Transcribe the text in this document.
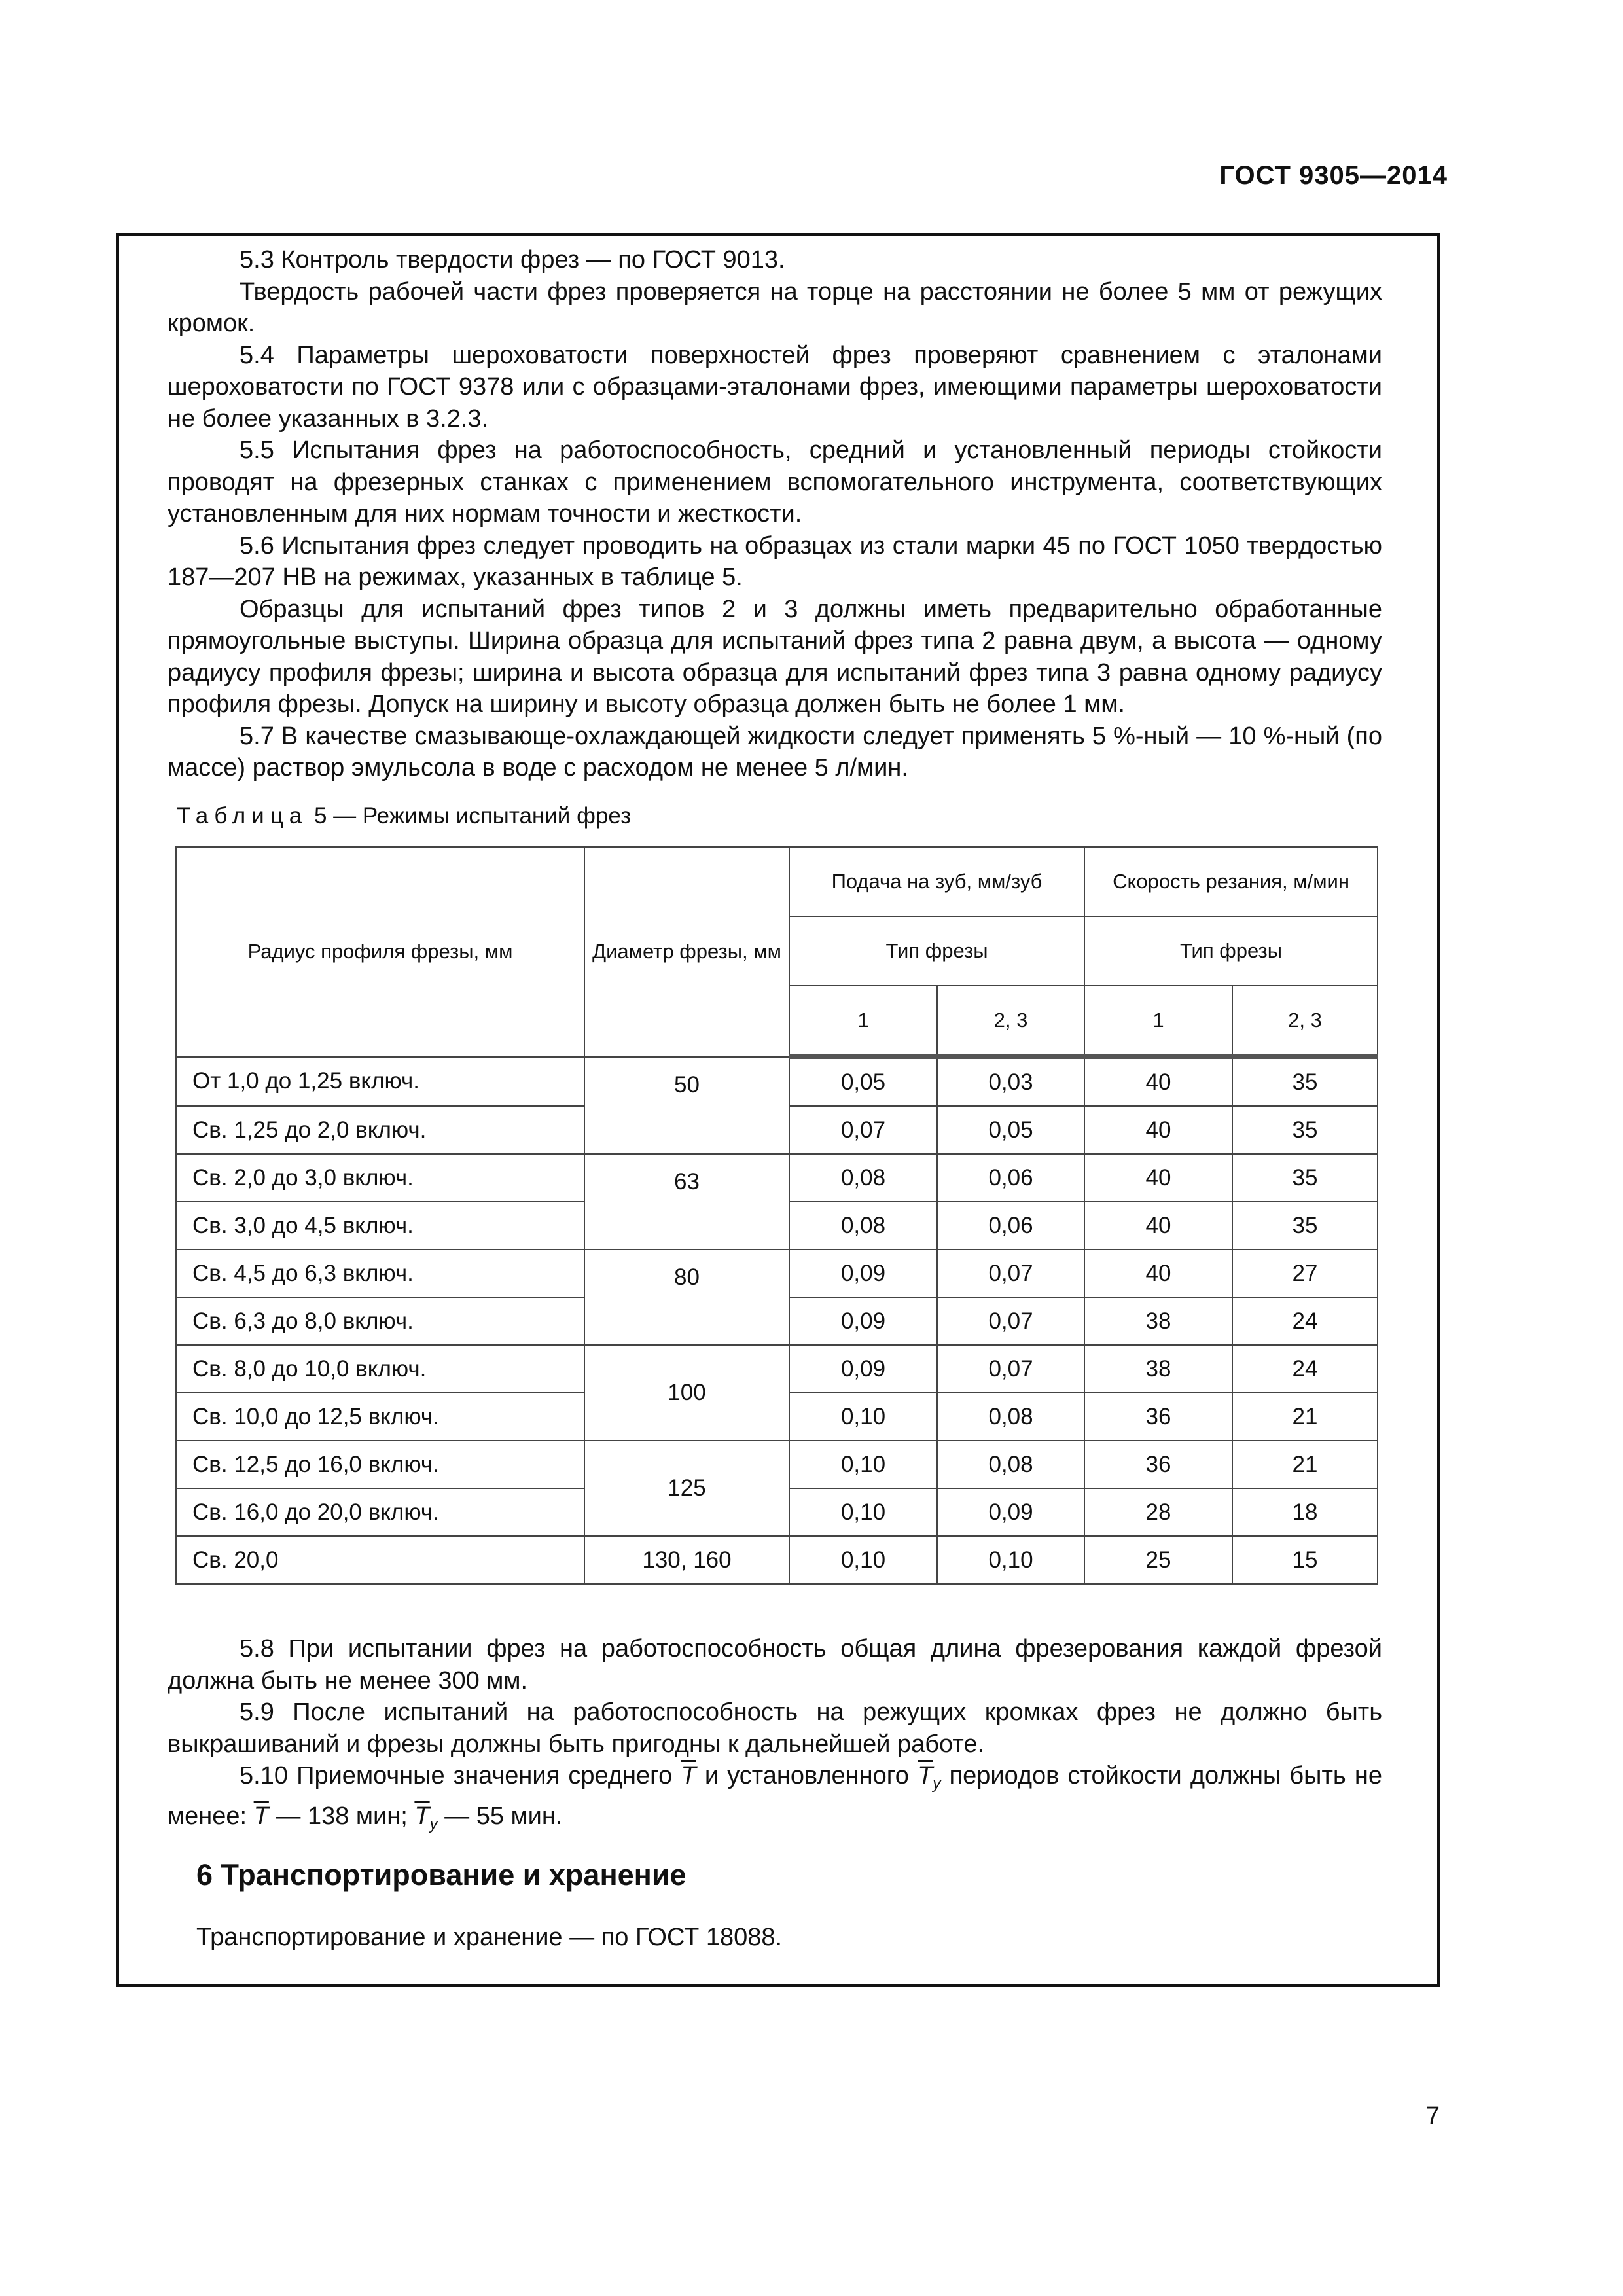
ГОСТ 9305—2014

5.3 Контроль твердости фрез — по ГОСТ 9013.

Твердость рабочей части фрез проверяется на торце на расстоянии не более 5 мм от режущих кромок.

5.4 Параметры шероховатости поверхностей фрез проверяют сравнением с эталонами шероховатости по ГОСТ 9378 или с образцами-эталонами фрез, имеющими параметры шероховатости не более указанных в 3.2.3.

5.5 Испытания фрез на работоспособность, средний и установленный периоды стойкости проводят на фрезерных станках с применением вспомогательного инструмента, соответствующих установленным для них нормам точности и жесткости.

5.6 Испытания фрез следует проводить на образцах из стали марки 45 по ГОСТ 1050 твердостью 187—207 НВ на режимах, указанных в таблице 5.

Образцы для испытаний фрез типов 2 и 3 должны иметь предварительно обработанные прямоугольные выступы. Ширина образца для испытаний фрез типа 2 равна двум, а высота — одному радиусу профиля фрезы; ширина и высота образца для испытаний фрез типа 3 равна одному радиусу профиля фрезы. Допуск на ширину и высоту образца должен быть не более 1 мм.

5.7 В качестве смазывающе-охлаждающей жидкости следует применять 5 %-ный — 10 %-ный (по массе) раствор эмульсола в воде с расходом не менее 5 л/мин.

Таблица 5 — Режимы испытаний фрез
Радиус профиля фрезы, мм	Диаметр фрезы, мм	Подача на зуб, мм/зуб		Скорость резания, м/мин	
		Тип фрезы		Тип фрезы	
		1	2, 3	1	2, 3
От 1,0 до 1,25 включ.	50	0,05	0,03	40	35
Св. 1,25 до 2,0 включ.		0,07	0,05	40	35
Св. 2,0 до 3,0 включ.	63	0,08	0,06	40	35
Св. 3,0 до 4,5 включ.		0,08	0,06	40	35
Св. 4,5 до 6,3 включ.	80	0,09	0,07	40	27
Св. 6,3 до 8,0 включ.		0,09	0,07	38	24
Св. 8,0 до 10,0 включ.	100	0,09	0,07	38	24
Св. 10,0 до 12,5 включ.		0,10	0,08	36	21
Св. 12,5 до 16,0 включ.	125	0,10	0,08	36	21
Св. 16,0 до 20,0 включ.		0,10	0,09	28	18
Св. 20,0	130, 160	0,10	0,10	25	15

5.8 При испытании фрез на работоспособность общая длина фрезерования каждой фрезой должна быть не менее 300 мм.

5.9 После испытаний на работоспособность на режущих кромках фрез не должно быть выкрашиваний и фрезы должны быть пригодны к дальнейшей работе.

5.10 Приемочные значения среднего $\overline{T}$ и установленного $\overline{T}_у$ периодов стойкости должны быть не менее: $\overline{T}$ — 138 мин; $\overline{T}_у$ — 55 мин.

6 Транспортирование и хранение
Транспортирование и хранение — по ГОСТ 18088.
7
